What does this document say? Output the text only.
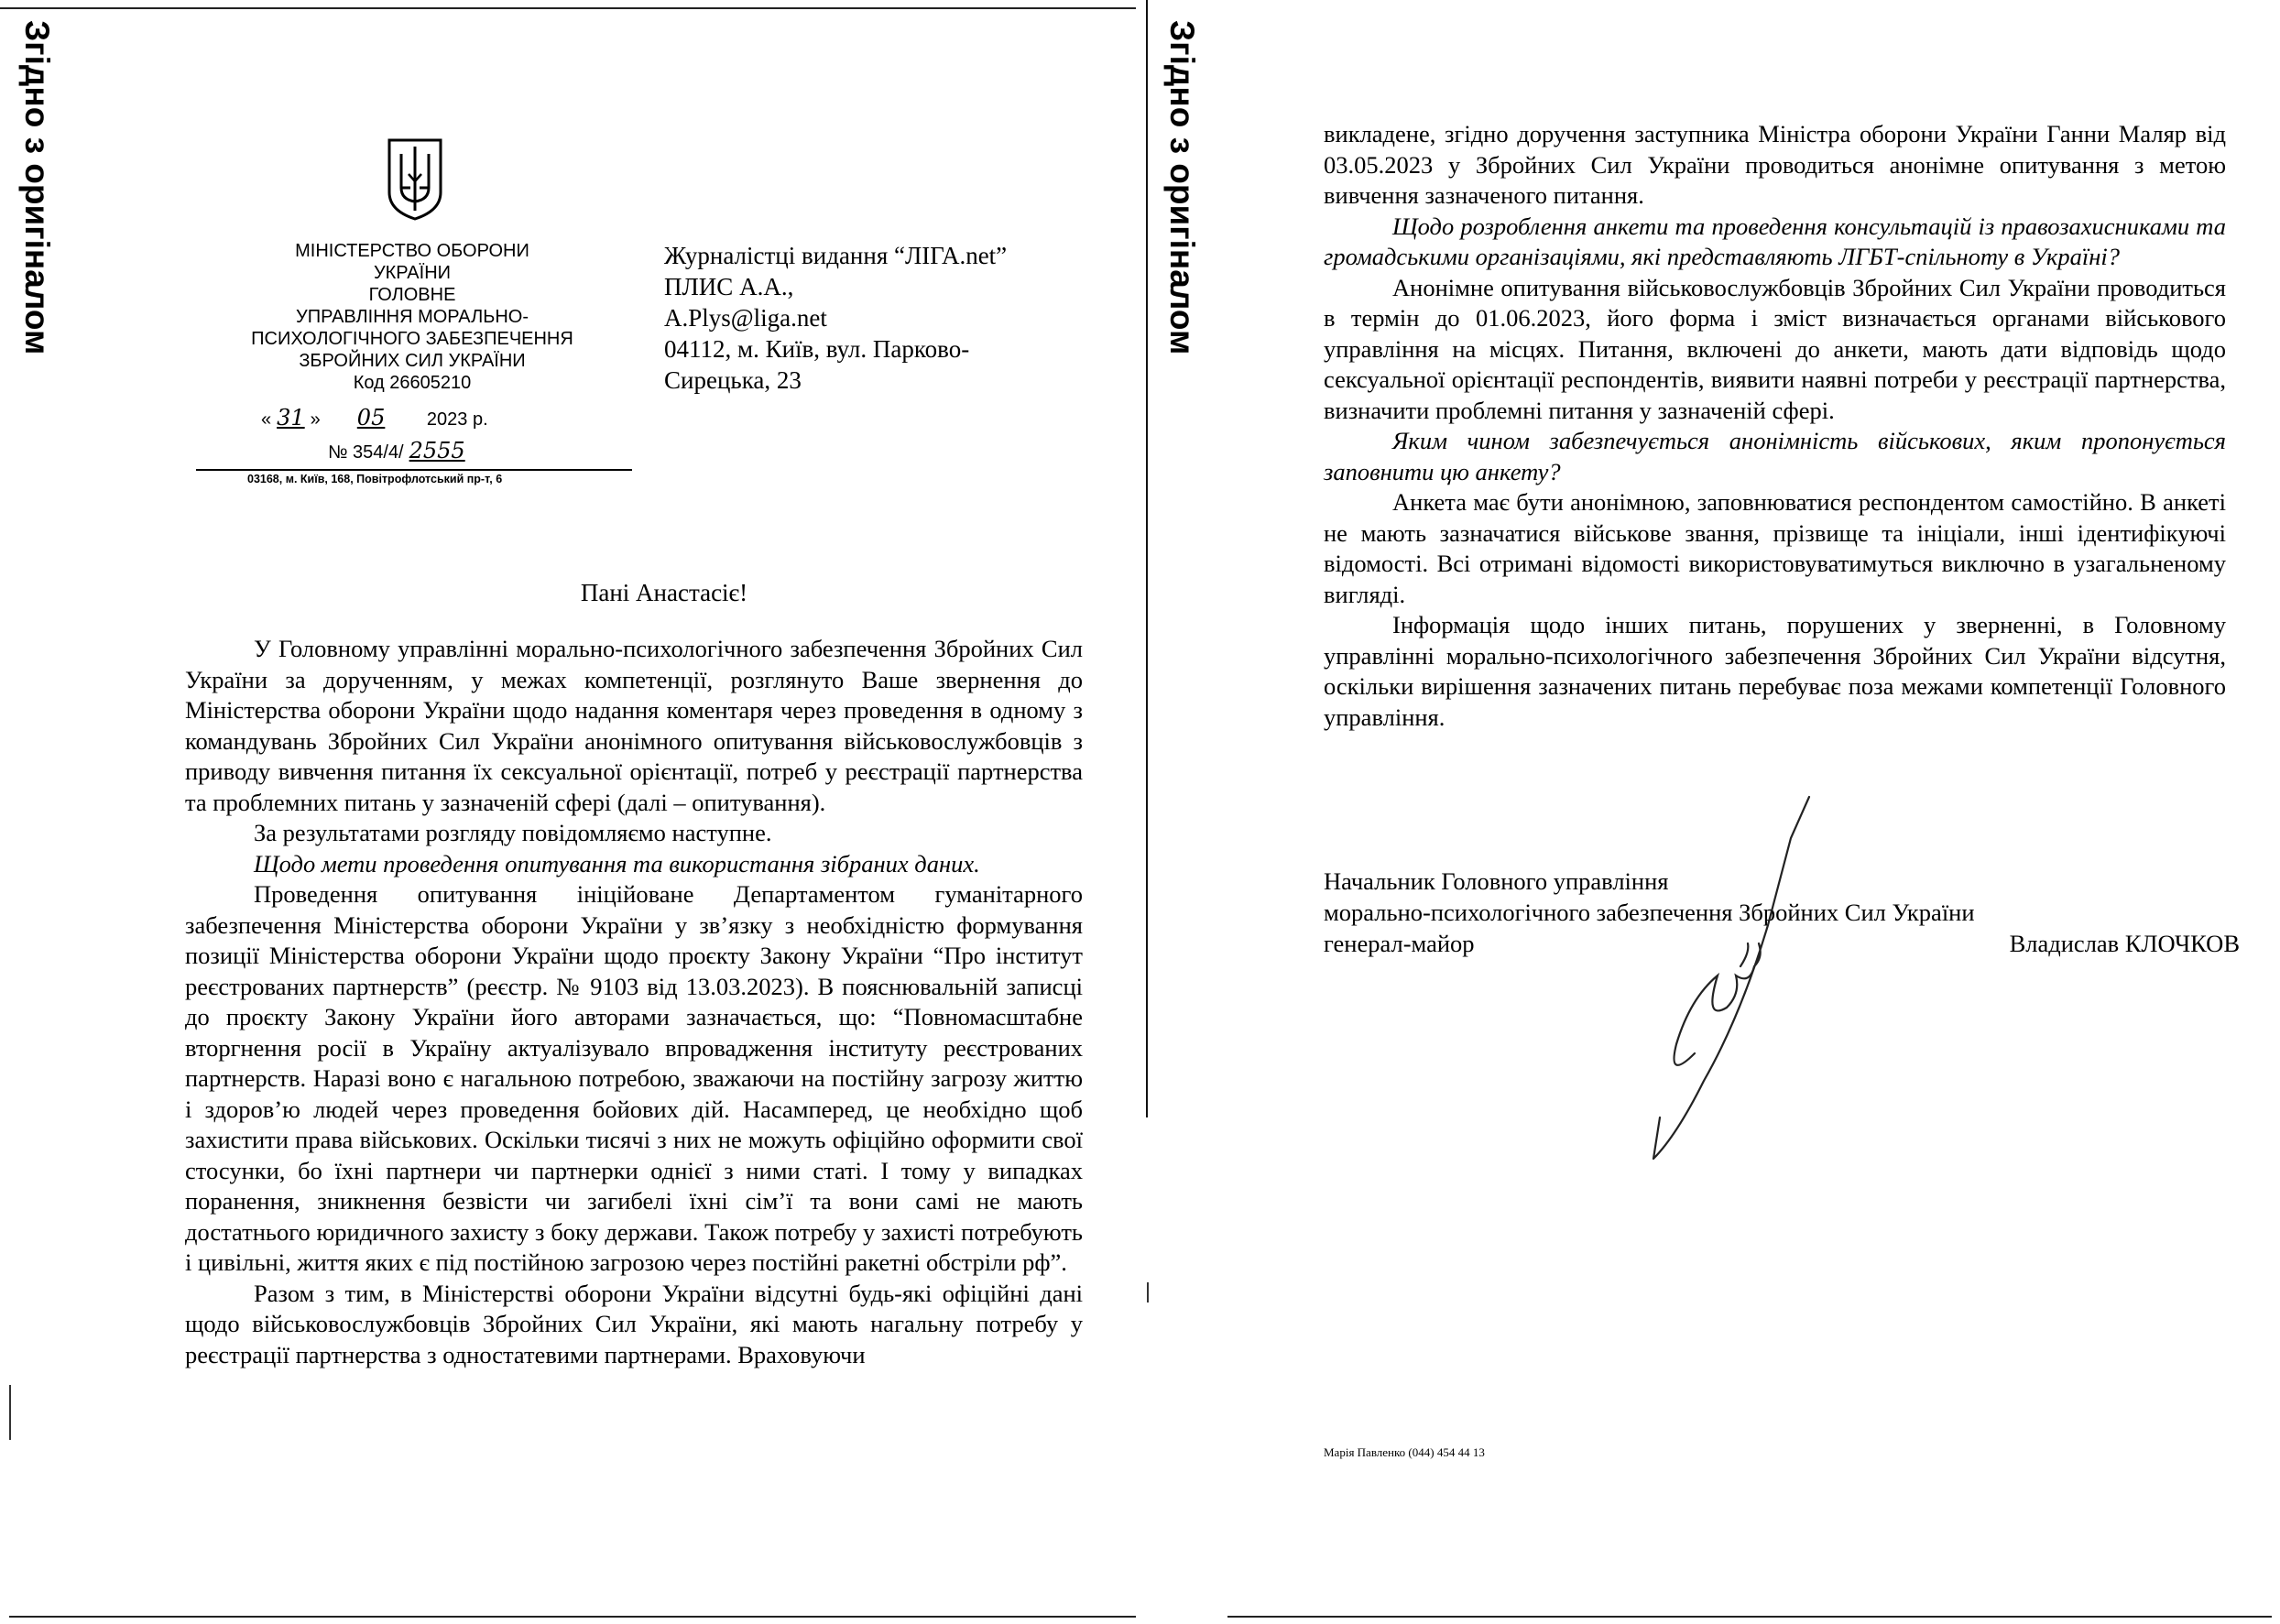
Згідно з оригіналом	МІНІСТЕРСТВО ОБОРОНИ
УКРАЇНИ
ГОЛОВНЕ
УПРАВЛІННЯ МОРАЛЬНО-
ПСИХОЛОГІЧНОГО ЗАБЕЗПЕЧЕННЯ
ЗБРОЙНИХ СИЛ УКРАЇНИ
Код 26605210
« 31 » 05 2023 р.
№ 354/4/ 2555
03168, м. Київ, 168, Повітрофлотський пр-т, 6
Журналістці видання “ЛІГА.net”
ПЛИС А.А.,
A.Plys@liga.net
04112, м. Київ, вул. Парково-
Сирецька, 23
Пані Анастасіє!

У Головному управлінні морально-психологічного забезпечення Збройних Сил України за дорученням, у межах компетенції, розглянуто Ваше звернення до Міністерства оборони України щодо надання коментаря через проведення в одному з командувань Збройних Сил України анонімного опитування військовослужбовців з приводу вивчення питання їх сексуальної орієнтації, потреб у реєстрації партнерства та проблемних питань у зазначеній сфері (далі – опитування).

За результатами розгляду повідомляємо наступне.

Щодо мети проведення опитування та використання зібраних даних.

Проведення опитування ініційоване Департаментом гуманітарного забезпечення Міністерства оборони України у зв’язку з необхідністю формування позиції Міністерства оборони України щодо проєкту Закону України “Про інститут реєстрованих партнерств” (реєстр. № 9103 від 13.03.2023). В пояснювальній записці до проєкту Закону України його авторами зазначається, що: “Повномасштабне вторгнення росії в Україну актуалізувало впровадження інституту реєстрованих партнерств. Наразі воно є нагальною потребою, зважаючи на постійну загрозу життю і здоров’ю людей через проведення бойових дій. Насамперед, це необхідно щоб захистити права військових. Оскільки тисячі з них не можуть офіційно оформити свої стосунки, бо їхні партнери чи партнерки однієї з ними статі. І тому у випадках поранення, зникнення безвісти чи загибелі їхні сім’ї та вони самі не мають достатнього юридичного захисту з боку держави. Також потребу у захисті потребують і цивільні, життя яких є під постійною загрозою через постійні ракетні обстріли рф”.

Разом з тим, в Міністерстві оборони України відсутні будь-які офіційні дані щодо військовослужбовців Збройних Сил України, які мають нагальну потребу у реєстрації партнерства з одностатевими партнерами. Враховуючи

Згідно з оригіналом	викладене, згідно доручення заступника Міністра оборони України Ганни Маляр від 03.05.2023 у Збройних Сил України проводиться анонімне опитування з метою вивчення зазначеного питання.

Щодо розроблення анкети та проведення консультацій із правозахисниками та громадськими організаціями, які представляють ЛГБТ-спільноту в Україні?

Анонімне опитування військовослужбовців Збройних Сил України проводиться в термін до 01.06.2023, його форма і зміст визначається органами військового управління на місцях. Питання, включені до анкети, мають дати відповідь щодо сексуальної орієнтації респондентів, виявити наявні потреби у реєстрації партнерства, визначити проблемні питання у зазначеній сфері.

Яким чином забезпечується анонімність військових, яким пропонується заповнити цю анкету?

Анкета має бути анонімною, заповнюватися респондентом самостійно. В анкеті не мають зазначатися військове звання, прізвище та ініціали, інші ідентифікуючі відомості. Всі отримані відомості використовуватимуться виключно в узагальненому вигляді.

Інформація щодо інших питань, порушених у зверненні, в Головному управлінні морально-психологічного забезпечення Збройних Сил України відсутня, оскільки вирішення зазначених питань перебуває поза межами компетенції Головного управління.

Начальник Головного управління
морально-психологічного забезпечення Збройних Сил України
генерал-майор	Владислав КЛОЧКОВ
Марія Павленко (044) 454 44 13
